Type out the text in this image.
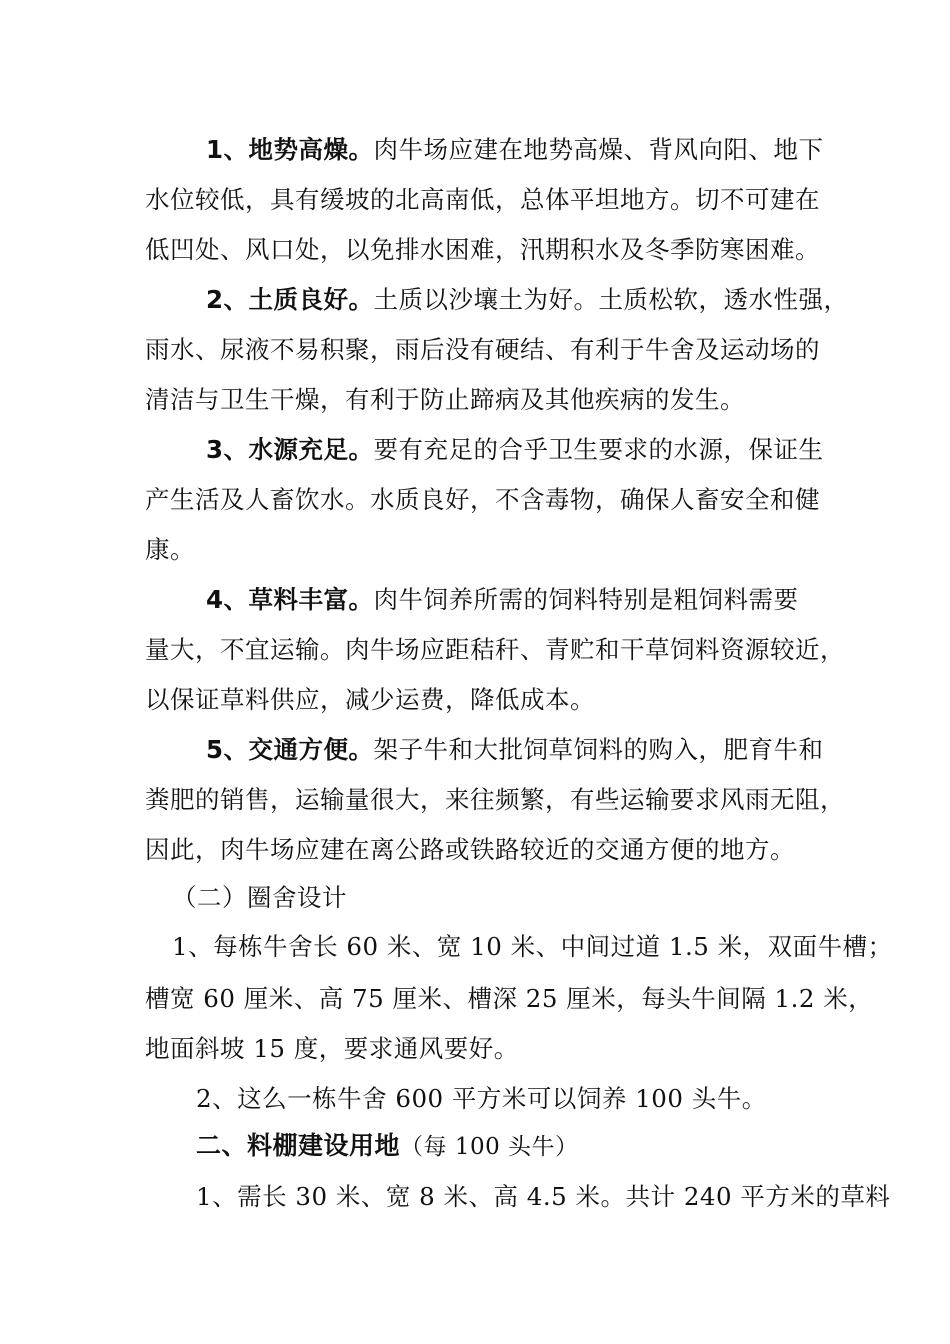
1、地势高燥。肉牛场应建在地势高燥、背风向阳、地下
水位较低，具有缓坡的北高南低，总体平坦地方。切不可建在
低凹处、风口处，以免排水困难，汛期积水及冬季防寒困难。
2、土质良好。土质以沙壤土为好。土质松软，透水性强，
雨水、尿液不易积聚，雨后没有硬结、有利于牛舍及运动场的
清洁与卫生干燥，有利于防止蹄病及其他疾病的发生。
3、水源充足。要有充足的合乎卫生要求的水源，保证生
产生活及人畜饮水。水质良好，不含毒物，确保人畜安全和健
康。
4、草料丰富。肉牛饲养所需的饲料特别是粗饲料需要
量大，不宜运输。肉牛场应距秸秆、青贮和干草饲料资源较近，
以保证草料供应，减少运费，降低成本。
5、交通方便。架子牛和大批饲草饲料的购入，肥育牛和
粪肥的销售，运输量很大，来往频繁，有些运输要求风雨无阻，
因此，肉牛场应建在离公路或铁路较近的交通方便的地方。
（二）圈舍设计
1、每栋牛舍长 60 米、宽 10 米、中间过道 1.5 米，双面牛槽；
槽宽 60 厘米、高 75 厘米、槽深 25 厘米，每头牛间隔 1.2 米，
地面斜坡 15 度，要求通风要好。
2、这么一栋牛舍 600 平方米可以饲养 100 头牛。
二、料棚建设用地（每 100 头牛）
1、需长 30 米、宽 8 米、高 4.5 米。共计 240 平方米的草料
